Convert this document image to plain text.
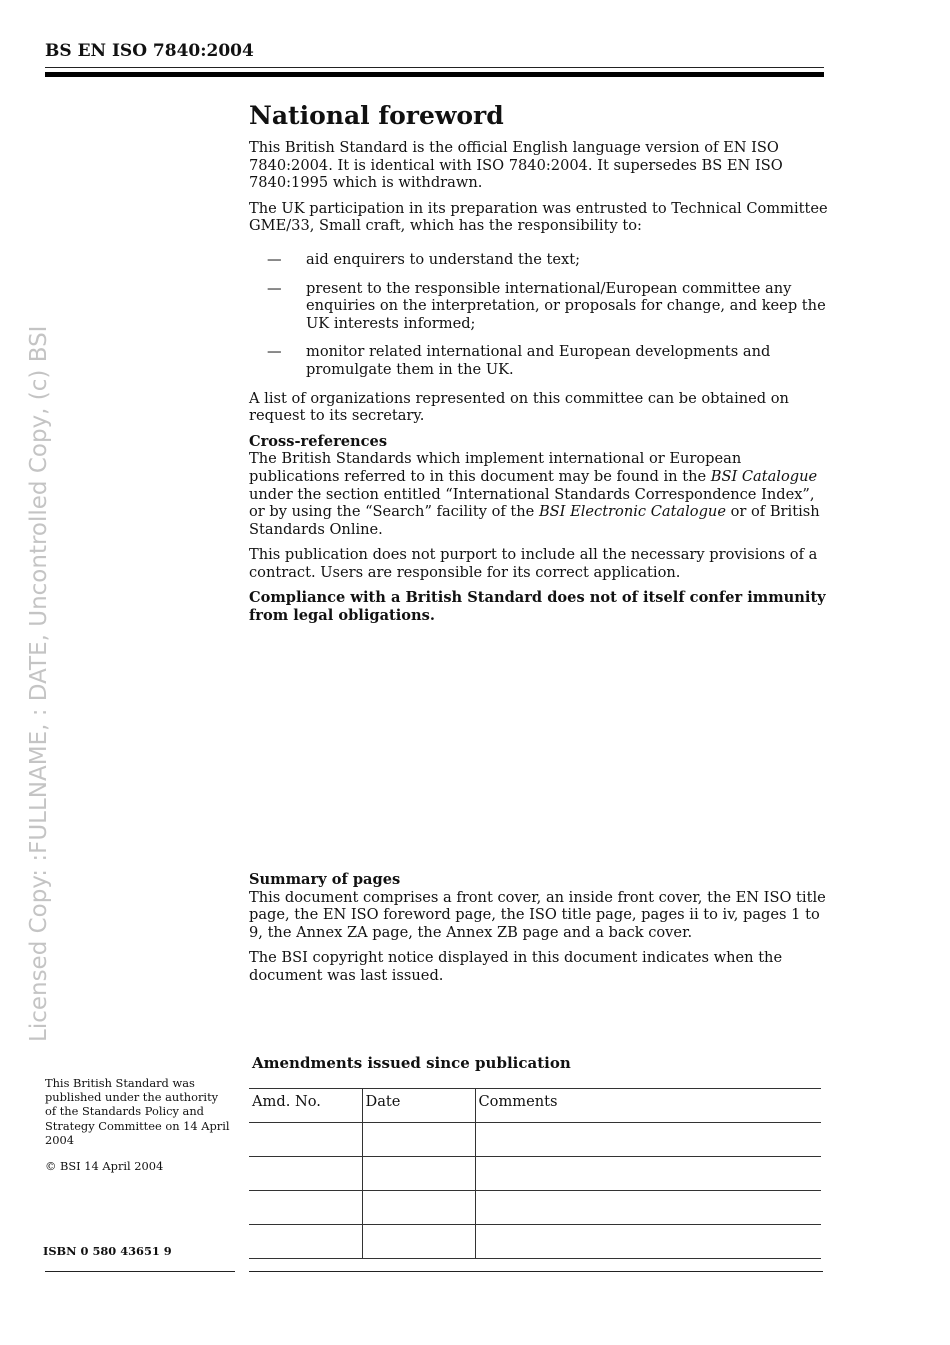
BS EN ISO 7840:2004
Licensed Copy: :FULLNAME, : DATE, Uncontrolled Copy, (c) BSI
National foreword

This British Standard is the official English language version of EN ISO 7840:2004. It is identical with ISO 7840:2004. It supersedes BS EN ISO 7840:1995 which is withdrawn.

The UK participation in its preparation was entrusted to Technical Committee GME/33, Small craft, which has the responsibility to:

—	aid enquirers to understand the text;
—	present to the responsible international/European committee any enquiries on the interpretation, or proposals for change, and keep the UK interests informed;
—	monitor related international and European developments and promulgate them in the UK.

A list of organizations represented on this committee can be obtained on request to its secretary.

Cross-references

The British Standards which implement international or European publications referred to in this document may be found in the BSI Catalogue under the section entitled “International Standards Correspondence Index”, or by using the “Search” facility of the BSI Electronic Catalogue or of British Standards Online.

This publication does not purport to include all the necessary provisions of a contract. Users are responsible for its correct application.

Compliance with a British Standard does not of itself confer immunity from legal obligations.

Summary of pages

This document comprises a front cover, an inside front cover, the EN ISO title page, the EN ISO foreword page, the ISO title page, pages ii to iv, pages 1 to 9, the Annex ZA page, the Annex ZB page and a back cover.

The BSI copyright notice displayed in this document indicates when the document was last issued.

Amendments issued since publication
Amd. No.	Date	Comments

This British Standard was published under the authority of the Standards Policy and Strategy Committee on 14 April 2004

© BSI 14 April 2004

ISBN 0 580 43651 9
